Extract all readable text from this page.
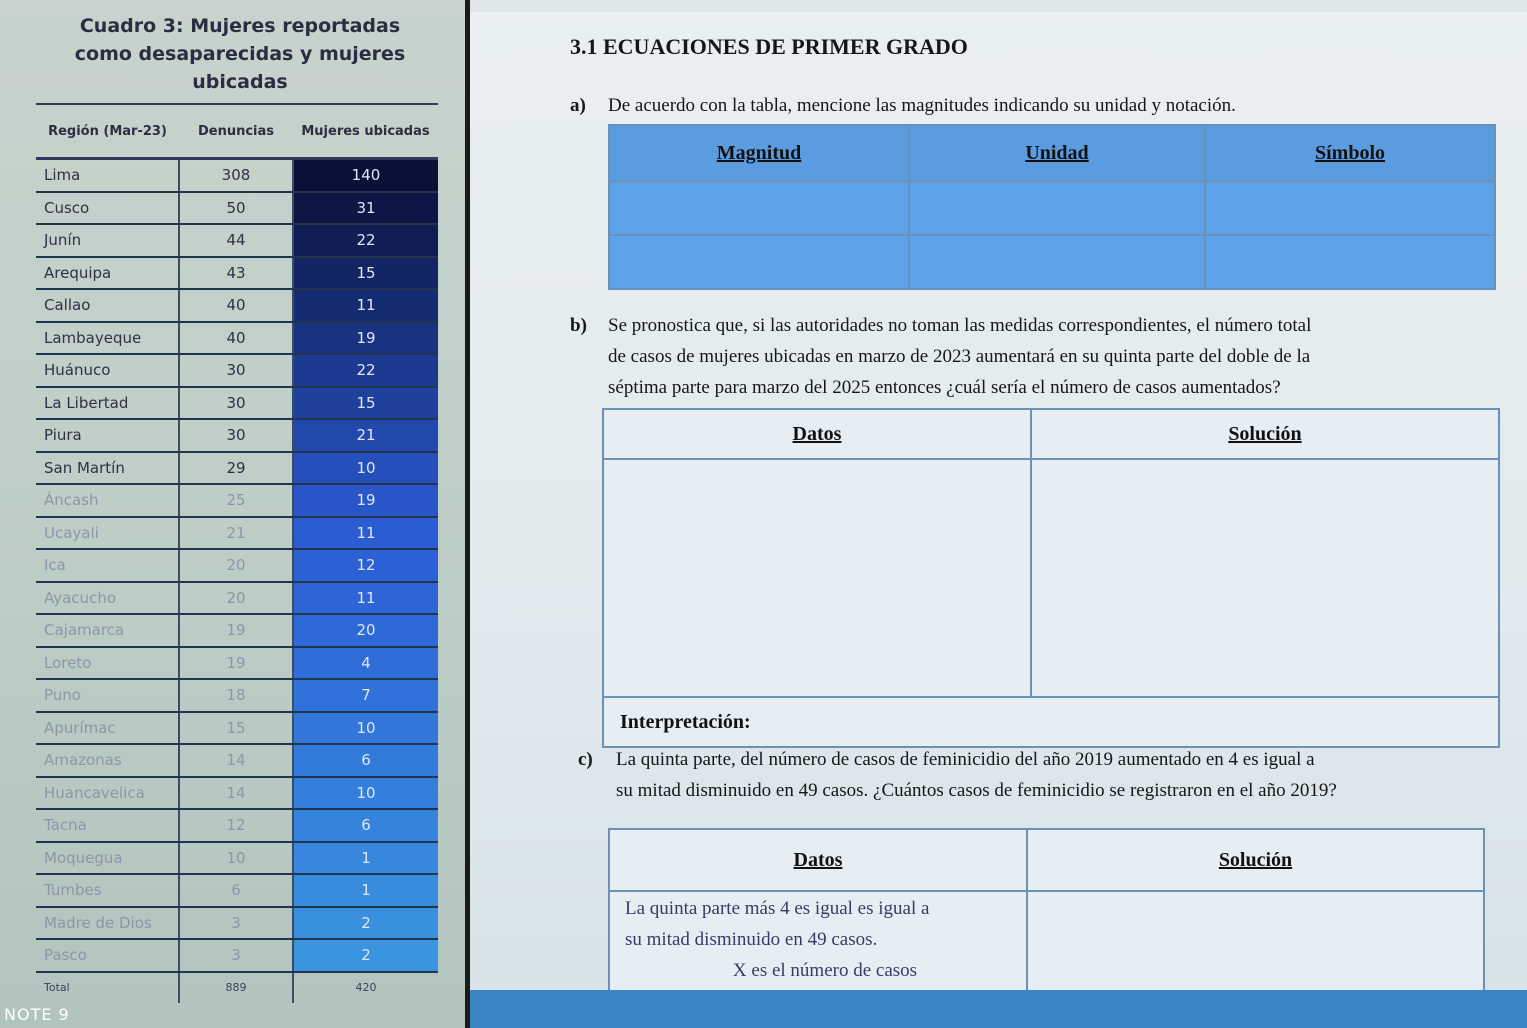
Cuadro 3: Mujeres reportadas
como desaparecidas y mujeres
ubicadas
Región (Mar-23)	Denuncias	Mujeres ubicadas
Lima	308	140
Cusco	50	31
Junín	44	22
Arequipa	43	15
Callao	40	11
Lambayeque	40	19
Huánuco	30	22
La Libertad	30	15
Piura	30	21
San Martín	29	10
Áncash	25	19
Ucayali	21	11
Ica	20	12
Ayacucho	20	11
Cajamarca	19	20
Loreto	19	4
Puno	18	7
Apurímac	15	10
Amazonas	14	6
Huancavelica	14	10
Tacna	12	6
Moquegua	10	1
Tumbes	6	1
Madre de Dios	3	2
Pasco	3	2
Total	889	420
NOTE 9
3.1 ECUACIONES DE PRIMER GRADO
a) De acuerdo con la tabla, mencione las magnitudes indicando su unidad y notación.
Magnitud	Unidad	Símbolo

b) Se pronostica que, si las autoridades no toman las medidas correspondientes, el número total
de casos de mujeres ubicadas en marzo de 2023 aumentará en su quinta parte del doble de la
séptima parte para marzo del 2025 entonces ¿cuál sería el número de casos aumentados?
Datos	Solución

Interpretación:	
c) La quinta parte, del número de casos de feminicidio del año 2019 aumentado en 4 es igual a
su mitad disminuido en 49 casos. ¿Cuántos casos de feminicidio se registraron en el año 2019?
Datos	Solución

La quinta parte más 4 es igual es igual a
su mitad disminuido en 49 casos.
X es el número de casos	
